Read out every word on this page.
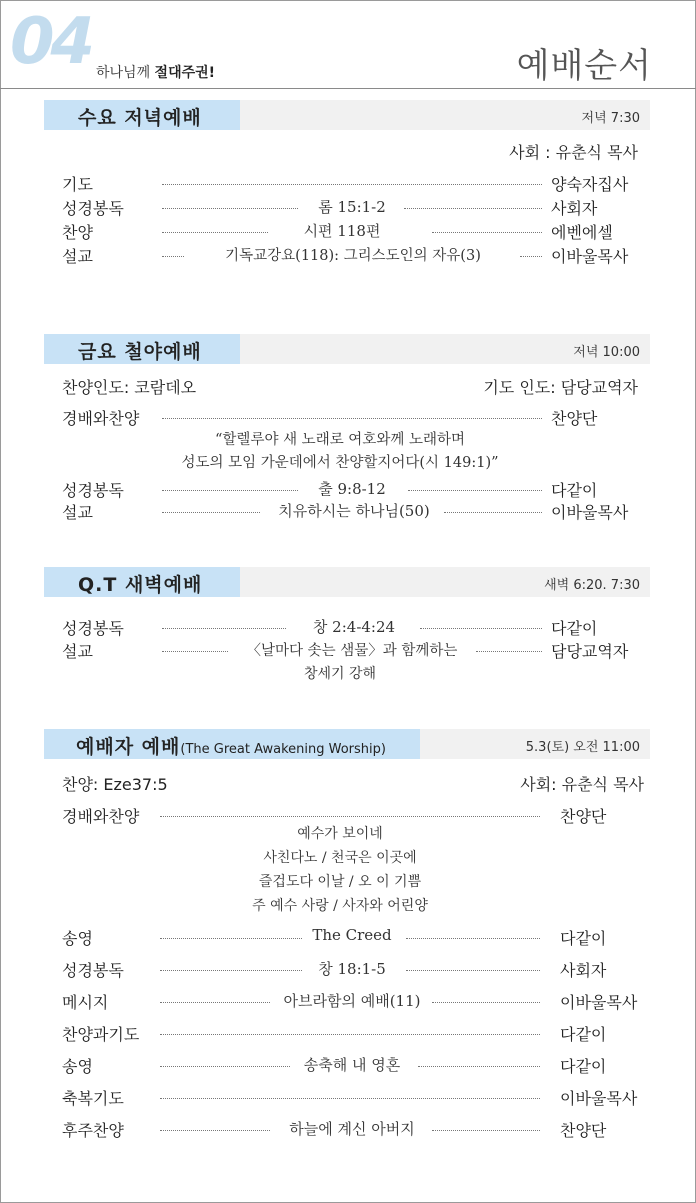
04 하나님께 절대주권!	예배순서
수요 저녁예배	저녁 7:30
사회 : 유춘식 목사
기도	양숙자집사
성경봉독	롬 15:1-2	사회자
찬양	시편 118편	에벤에셀
설교	기독교강요(118): 그리스도인의 자유(3)	이바울목사
금요 철야예배	저녁 10:00
찬양인도: 코람데오	기도 인도: 담당교역자
경배와찬양	찬양단
“할렐루야 새 노래로 여호와께 노래하며
성도의 모임 가운데에서 찬양할지어다(시 149:1)”
성경봉독	출 9:8-12	다같이
설교	치유하시는 하나님(50)	이바울목사
Q.T 새벽예배	새벽 6:20. 7:30
성경봉독	창 2:4-4:24	다같이
설교	〈날마다 솟는 샘물〉과 함께하는	담당교역자
창세기 강해
예배자 예배(The Great Awakening Worship)	5.3(토) 오전 11:00
찬양: Eze37:5	사회: 유춘식 목사
경배와찬양	찬양단
예수가 보이네
사친다노 / 천국은 이곳에
즐겁도다 이날 / 오 이 기쁨
주 예수 사랑 / 사자와 어린양
송영	The Creed	다같이
성경봉독	창 18:1-5	사회자
메시지	아브라함의 예배(11)	이바울목사
찬양과기도	다같이
송영	송축해 내 영혼	다같이
축복기도	이바울목사
후주찬양	하늘에 계신 아버지	찬양단
